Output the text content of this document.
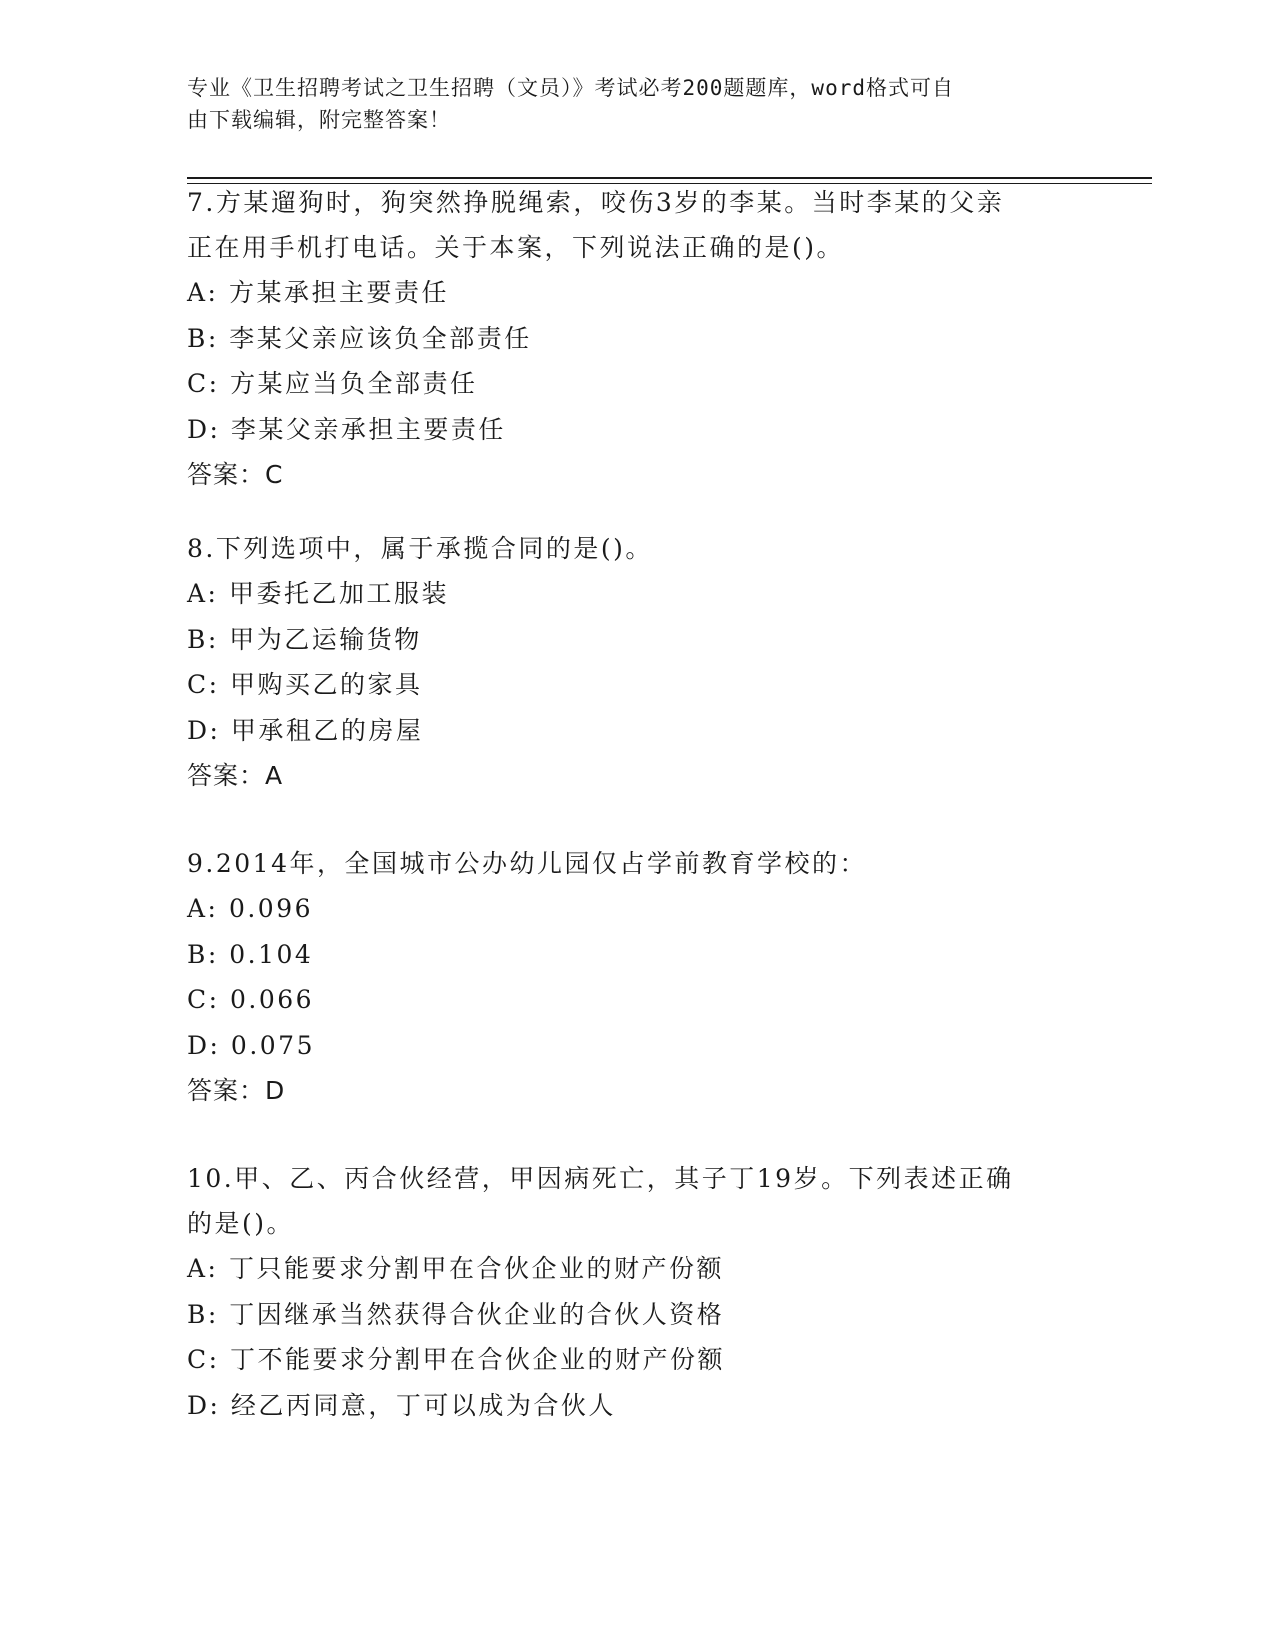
专业《卫生招聘考试之卫生招聘（文员）》考试必考200题题库，word格式可自
由下载编辑，附完整答案！

7.方某遛狗时，狗突然挣脱绳索，咬伤3岁的李某。当时李某的父亲

正在用手机打电话。关于本案，下列说法正确的是()。

A: 方某承担主要责任

B: 李某父亲应该负全部责任

C: 方某应当负全部责任

D: 李某父亲承担主要责任

答案：C

8.下列选项中，属于承揽合同的是()。

A: 甲委托乙加工服装

B: 甲为乙运输货物

C: 甲购买乙的家具

D: 甲承租乙的房屋

答案：A

9.2014年，全国城市公办幼儿园仅占学前教育学校的：

A: 0.096

B: 0.104

C: 0.066

D: 0.075

答案：D

10.甲、乙、丙合伙经营，甲因病死亡，其子丁19岁。下列表述正确

的是()。

A: 丁只能要求分割甲在合伙企业的财产份额

B: 丁因继承当然获得合伙企业的合伙人资格

C: 丁不能要求分割甲在合伙企业的财产份额

D: 经乙丙同意，丁可以成为合伙人
